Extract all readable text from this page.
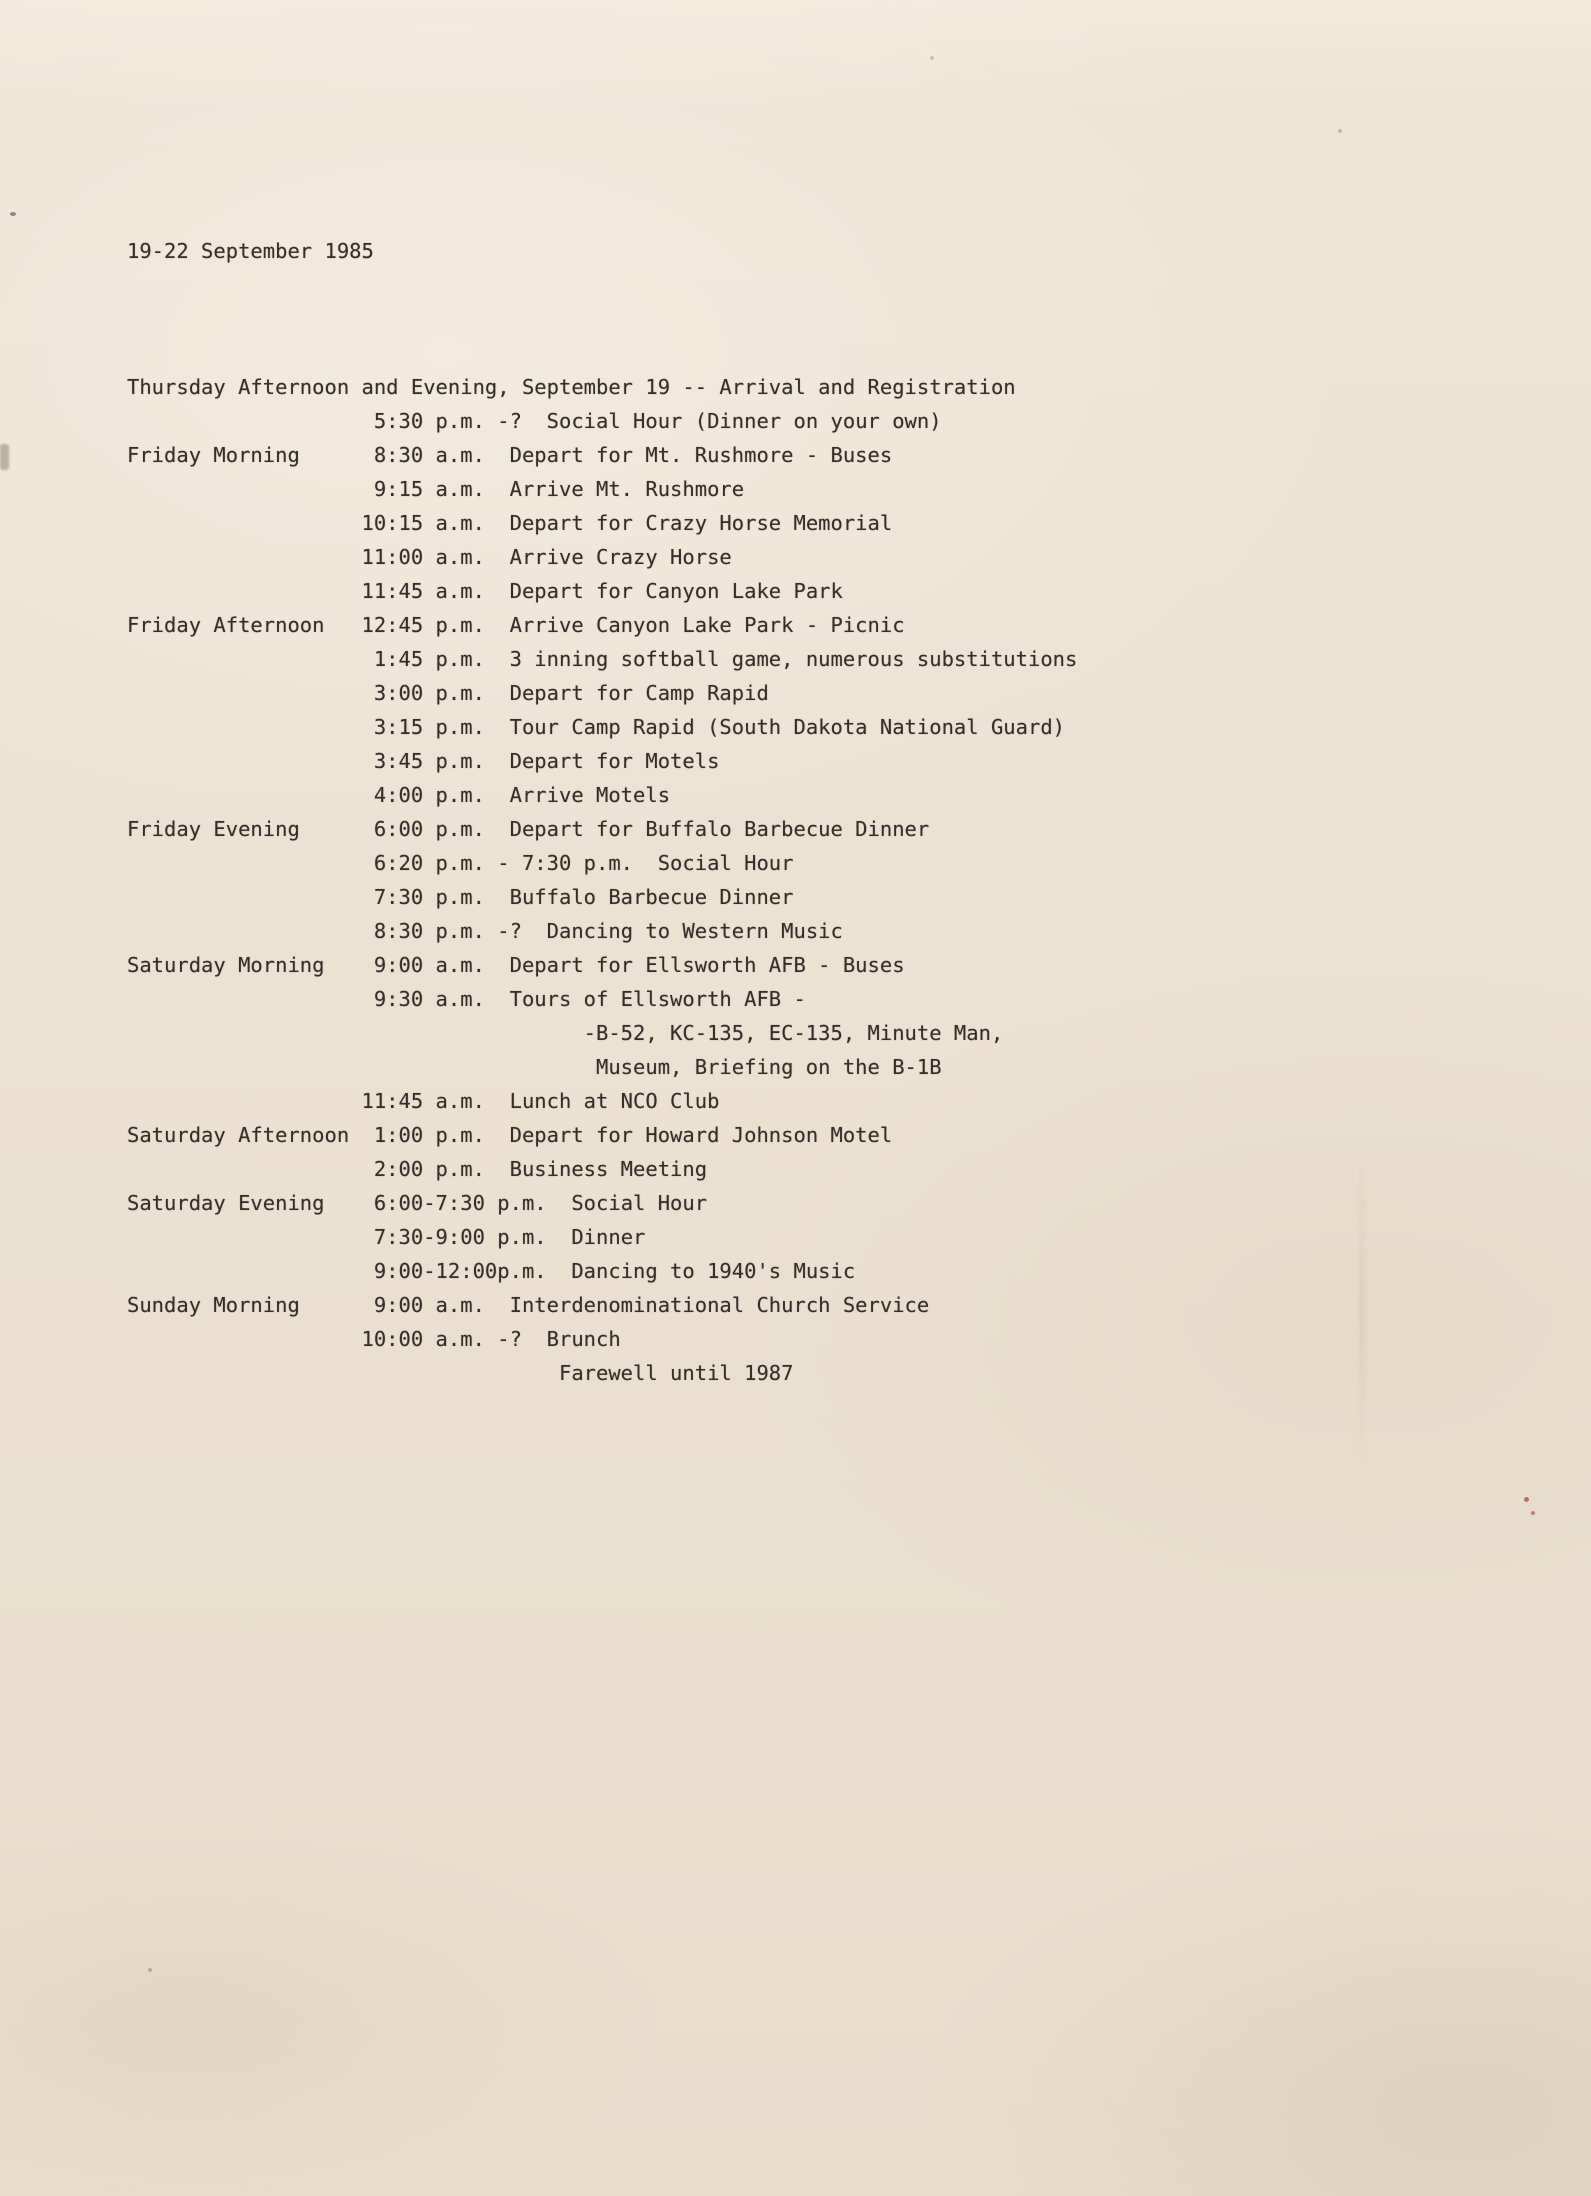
19-22 September 1985

Thursday Afternoon and Evening, September 19 -- Arrival and Registration
5:30 p.m. -?  Social Hour (Dinner on your own)
Friday Morning      8:30 a.m.  Depart for Mt. Rushmore - Buses
9:15 a.m.  Arrive Mt. Rushmore
10:15 a.m.  Depart for Crazy Horse Memorial
11:00 a.m.  Arrive Crazy Horse
11:45 a.m.  Depart for Canyon Lake Park
Friday Afternoon   12:45 p.m.  Arrive Canyon Lake Park - Picnic
1:45 p.m.  3 inning softball game, numerous substitutions
3:00 p.m.  Depart for Camp Rapid
3:15 p.m.  Tour Camp Rapid (South Dakota National Guard)
3:45 p.m.  Depart for Motels
4:00 p.m.  Arrive Motels
Friday Evening      6:00 p.m.  Depart for Buffalo Barbecue Dinner
6:20 p.m. - 7:30 p.m.  Social Hour
7:30 p.m.  Buffalo Barbecue Dinner
8:30 p.m. -?  Dancing to Western Music
Saturday Morning    9:00 a.m.  Depart for Ellsworth AFB - Buses
9:30 a.m.  Tours of Ellsworth AFB -
-B-52, KC-135, EC-135, Minute Man,
Museum, Briefing on the B-1B
11:45 a.m.  Lunch at NCO Club
Saturday Afternoon  1:00 p.m.  Depart for Howard Johnson Motel
2:00 p.m.  Business Meeting
Saturday Evening    6:00-7:30 p.m.  Social Hour
7:30-9:00 p.m.  Dinner
9:00-12:00p.m.  Dancing to 1940's Music
Sunday Morning      9:00 a.m.  Interdenominational Church Service
10:00 a.m. -?  Brunch
Farewell until 1987
